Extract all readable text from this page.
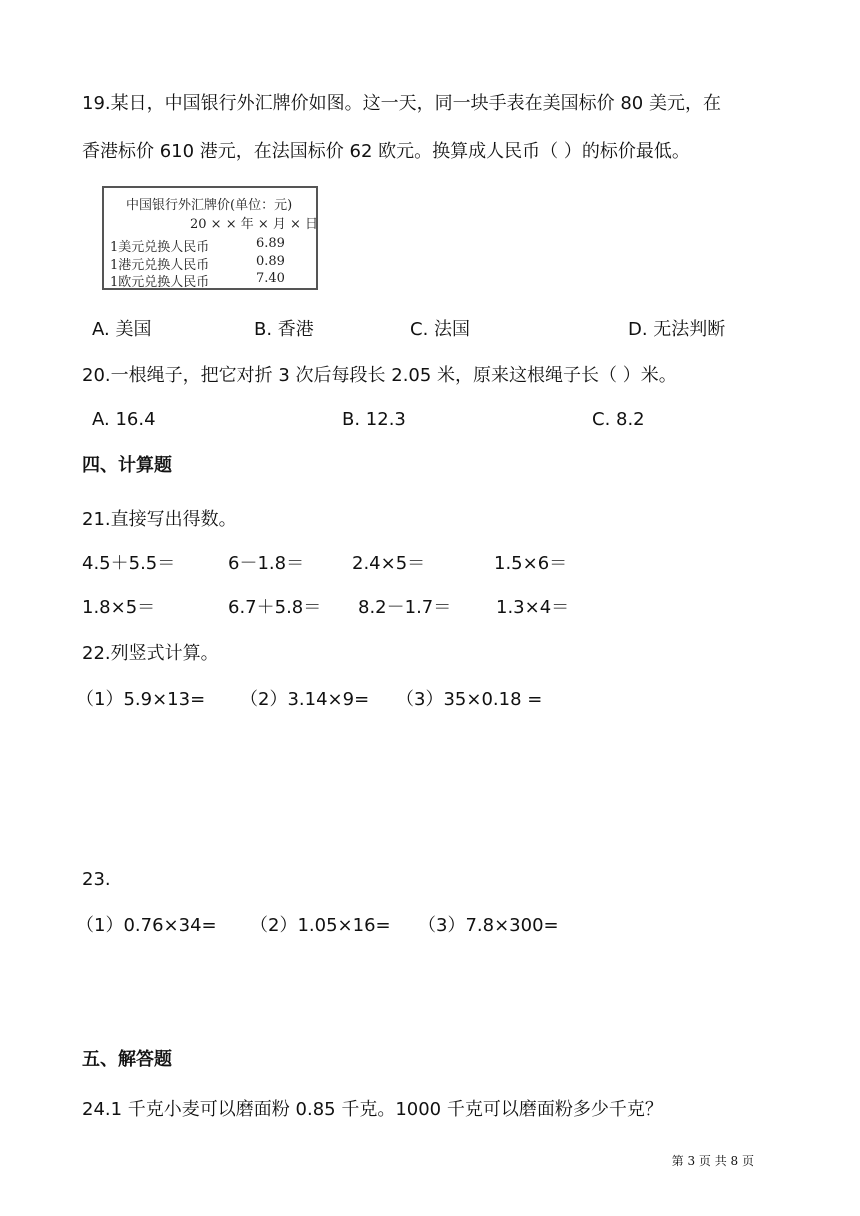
19.某日，中国银行外汇牌价如图。这一天，同一块手表在美国标价 80 美元，在
香港标价 610 港元，在法国标价 62 欧元。换算成人民币（ ）的标价最低。
中国银行外汇牌价(单位：元)
20 × × 年 × 月 × 日
1美元兑换人民币	6.89
1港元兑换人民币	0.89
1欧元兑换人民币	7.40
A. 美国	B. 香港	C. 法国	D. 无法判断
20.一根绳子，把它对折 3 次后每段长 2.05 米，原来这根绳子长（ ）米。
A. 16.4	B. 12.3	C. 8.2
四、计算题
21.直接写出得数。
4.5＋5.5＝	6－1.8＝	2.4×5＝	1.5×6＝
1.8×5＝	6.7＋5.8＝ 8.2－1.7＝ 1.3×4＝
22.列竖式计算。
（1）5.9×13= （2）3.14×9= （3）35×0.18 =
23.
（1）0.76×34= （2）1.05×16= （3）7.8×300=
五、解答题
24.1 千克小麦可以磨面粉 0.85 千克。1000 千克可以磨面粉多少千克？
第 3 页 共 8 页
